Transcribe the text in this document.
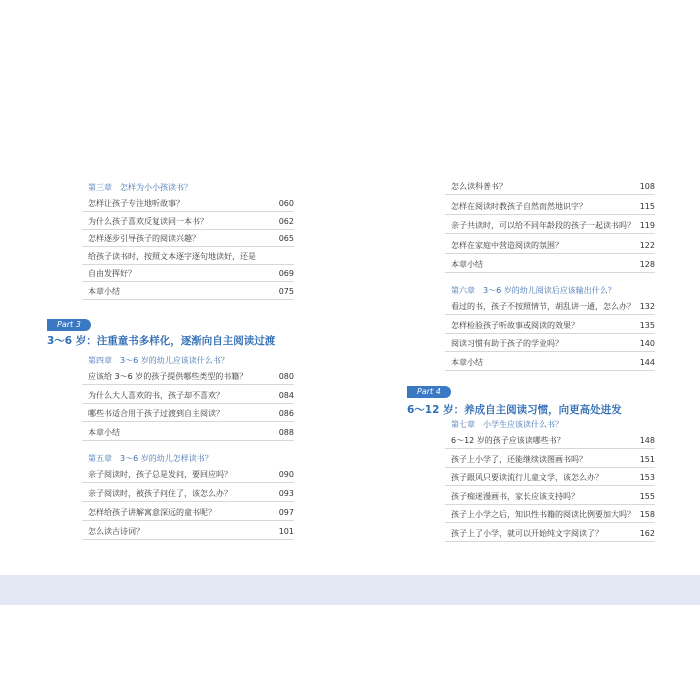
第三章　怎样为小小孩读书？
怎样让孩子专注地听故事？	060
为什么孩子喜欢反复读同一本书？	062
怎样逐步引导孩子的阅读兴趣？	065
给孩子读书时，按照文本逐字逐句地读好，还是
自由发挥好？	069
本章小结	075
Part 3
3～6 岁：注重童书多样化，逐渐向自主阅读过渡
第四章　3～6 岁的幼儿应该读什么书？
应该给 3～6 岁的孩子提供哪些类型的书籍？	080
为什么大人喜欢的书，孩子却不喜欢？	084
哪些书适合用于孩子过渡到自主阅读？	086
本章小结	088
第五章　3～6 岁的幼儿怎样读书？
亲子阅读时，孩子总是发问，要回应吗？	090
亲子阅读时，被孩子问住了，该怎么办？	093
怎样给孩子讲解寓意深远的童书呢？	097
怎么读古诗词？	101
怎么读科普书？	108
怎样在阅读时教孩子自然而然地识字？	115
亲子共读时，可以给不同年龄段的孩子一起读书吗？ 119
怎样在家庭中营造阅读的氛围？	122
本章小结	128
第六章　3～6 岁的幼儿阅读后应该输出什么？
看过的书，孩子不按照情节，胡乱讲一通，怎么办？ 132
怎样检验孩子听故事或阅读的效果？	135
阅读习惯有助于孩子的学业吗？	140
本章小结	144
Part 4
6～12 岁：养成自主阅读习惯，向更高处进发
第七章　小学生应该读什么书？
6～12 岁的孩子应该读哪些书？	148
孩子上小学了，还能继续读图画书吗？	151
孩子跟风只要读流行儿童文学，该怎么办？	153
孩子痴迷漫画书，家长应该支持吗？	155
孩子上小学之后，知识性书籍的阅读比例要加大吗？ 158
孩子上了小学，就可以开始纯文字阅读了？	162
